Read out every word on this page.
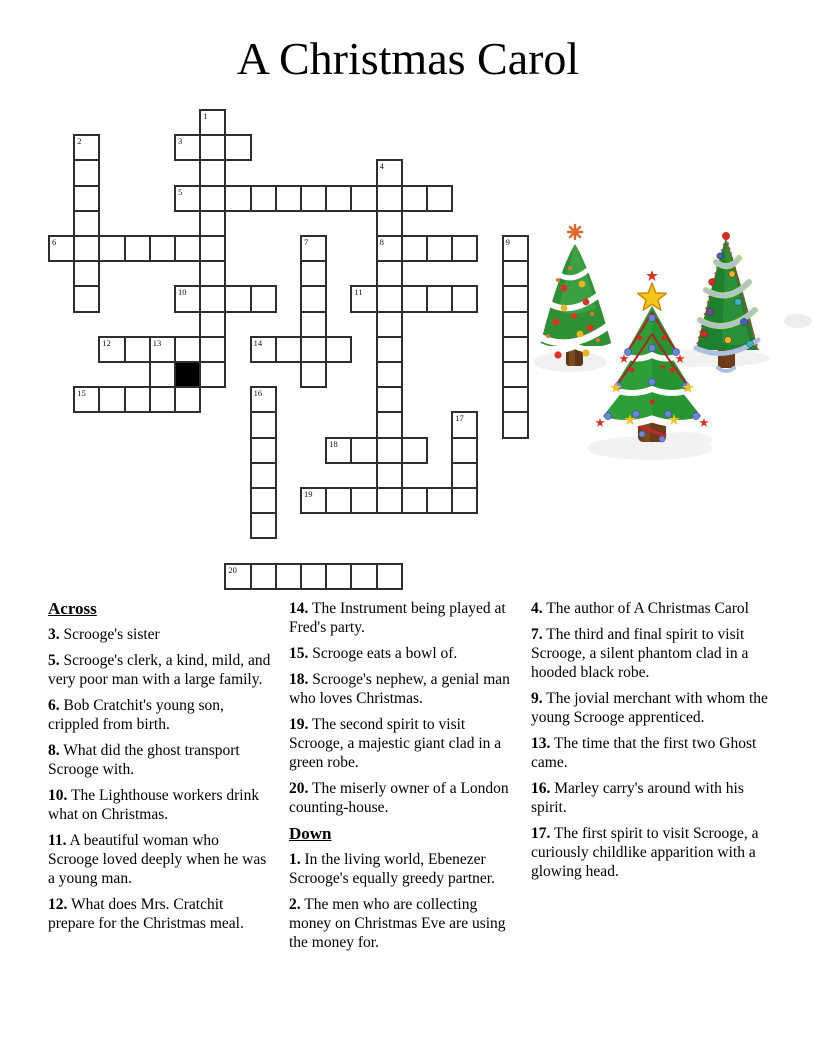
A Christmas Carol
1
2	3
4
5
6	7	8	9
10	11
12	13	14
15	16
17
18
19
20
Across
3. Scrooge's sister
5. Scrooge's clerk, a kind, mild, and very poor man with a large family.
6. Bob Cratchit's young son, crippled from birth.
8. What did the ghost transport Scrooge with.
10. The Lighthouse workers drink what on Christmas.
11. A beautiful woman who Scrooge loved deeply when he was a young man.
12. What does Mrs. Cratchit prepare for the Christmas meal.
14. The Instrument being played at Fred's party.
15. Scrooge eats a bowl of.
18. Scrooge's nephew, a genial man who loves Christmas.
19. The second spirit to visit Scrooge, a majestic giant clad in a green robe.
20. The miserly owner of a London counting-house.
Down
1. In the living world, Ebenezer Scrooge's equally greedy partner.
2. The men who are collecting money on Christmas Eve are using the money for.
4. The author of A Christmas Carol
7. The third and final spirit to visit Scrooge, a silent phantom clad in a hooded black robe.
9. The jovial merchant with whom the young Scrooge apprenticed.
13. The time that the first two Ghost came.
16. Marley carry's around with his spirit.
17. The first spirit to visit Scrooge, a curiously childlike apparition with a glowing head.
